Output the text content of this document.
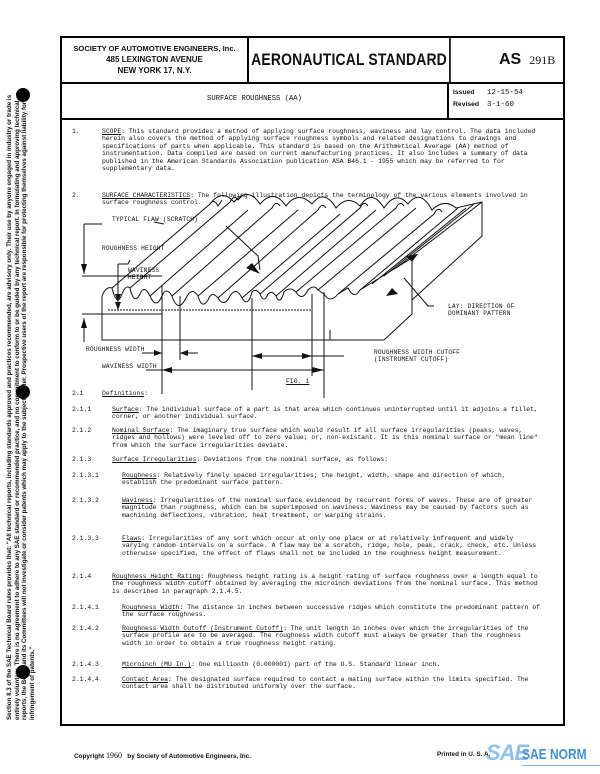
Section 8.3 of the SAE Technical Board rules provides that: "All technical reports, including standards approved and practices recommended, are advisory only. Their use by anyone engaged in industry or trade is entirely voluntary. There is no agreement to adhere to any SAE standard or recommended practice, and no commitment to conform to or be guided by any technical report. In formulating and approving technical reports, the Board and its Committees will not investigate or consider patents which may apply to the subject matter. Prospective users of the report are responsible for protecting themselves against liability for infringement of patents."
SOCIETY OF AUTOMOTIVE ENGINEERS, Inc.
485 LEXINGTON AVENUE
NEW YORK 17, N.Y.
AERONAUTICAL STANDARD	AS 291B
SURFACE ROUGHNESS (AA)
Issued 12-15-54
Revised 3-1-60
1.	SCOPE: This standard provides a method of applying surface roughness, waviness and lay control. The data included herein also covers the method of applying surface roughness symbols and related designations to drawings and specifications of parts when applicable. This standard is based on the Arithmetical Average (AA) method of instrumentation. Data compiled are based on current manufacturing practices. It also includes a summary of data published in the American Standards Association publication ASA B46.1 - 1955 which may be referred to for supplementary data.
2.	SURFACE CHARACTERISTICS: The following illustration depicts the terminology of the various elements involved in surface roughness control.
TYPICAL FLAW (SCRATCH)
ROUGHNESS HEIGHT
WAVINESS
HEIGHT
ROUGHNESS WIDTH
WAVINESS WIDTH
LAY: DIRECTION OF
DOMINANT PATTERN
ROUGHNESS WIDTH CUTOFF
(INSTRUMENT CUTOFF)
FIG. 1
2.1	Definitions:
2.1.1	Surface: The individual surface of a part is that area which continues uninterrupted until it adjoins a fillet, corner, or another individual surface.
2.1.2	Nominal Surface: The imaginary true surface which would result if all surface irregularities (peaks, waves, ridges and hollows) were leveled off to zero value; or, non-existant. It is this nominal surface or "mean line" from which the surface irregularities deviate.
2.1.3	Surface Irregularities: Deviations from the nominal surface, as follows:
2.1.3.1	Roughness: Relatively finely spaced irregularities; the height, width, shape and direction of which, establish the predominant surface pattern.
2.1.3.2	Waviness: Irregularities of the nominal surface evidenced by recurrent forms of waves. These are of greater magnitude than roughness, which can be superimposed on waviness. Waviness may be caused by factors such as machining deflections, vibration, heat treatment, or warping strains.
2.1.3.3	Flaws: Irregularities of any sort which occur at only one place or at relatively infrequent and widely varying random intervals on a surface. A flaw may be a scratch, ridge, hole, peak, crack, check, etc. Unless otherwise specified, the effect of flaws shall not be included in the roughness height measurement.
2.1.4	Roughness Height Rating: Roughness height rating is a height rating of surface roughness over a length equal to the roughness width cutoff obtained by averaging the microinch deviations from the nominal surface. This method is described in paragraph 2.1.4.5.
2.1.4.1	Roughness Width: The distance in inches between successive ridges which constitute the predominant pattern of the surface roughness.
2.1.4.2	Roughness Width Cutoff (Instrument Cutoff): The unit length in inches over which the irregularities of the surface profile are to be averaged. The roughness width cutoff must always be greater than the roughness width in order to obtain a true roughness height rating.
2.1.4.3	Microinch (MU In.): One millionth (0.000001) part of the U.S. Standard linear inch.
2.1.4.4	Contact Area: The designated surface required to contact a mating surface within the limits specified. The contact area shall be distributed uniformly over the surface.
Copyright 1960 by Society of Automotive Engineers, Inc.	Printed in U. S. A.
SAE
SAE NORM
